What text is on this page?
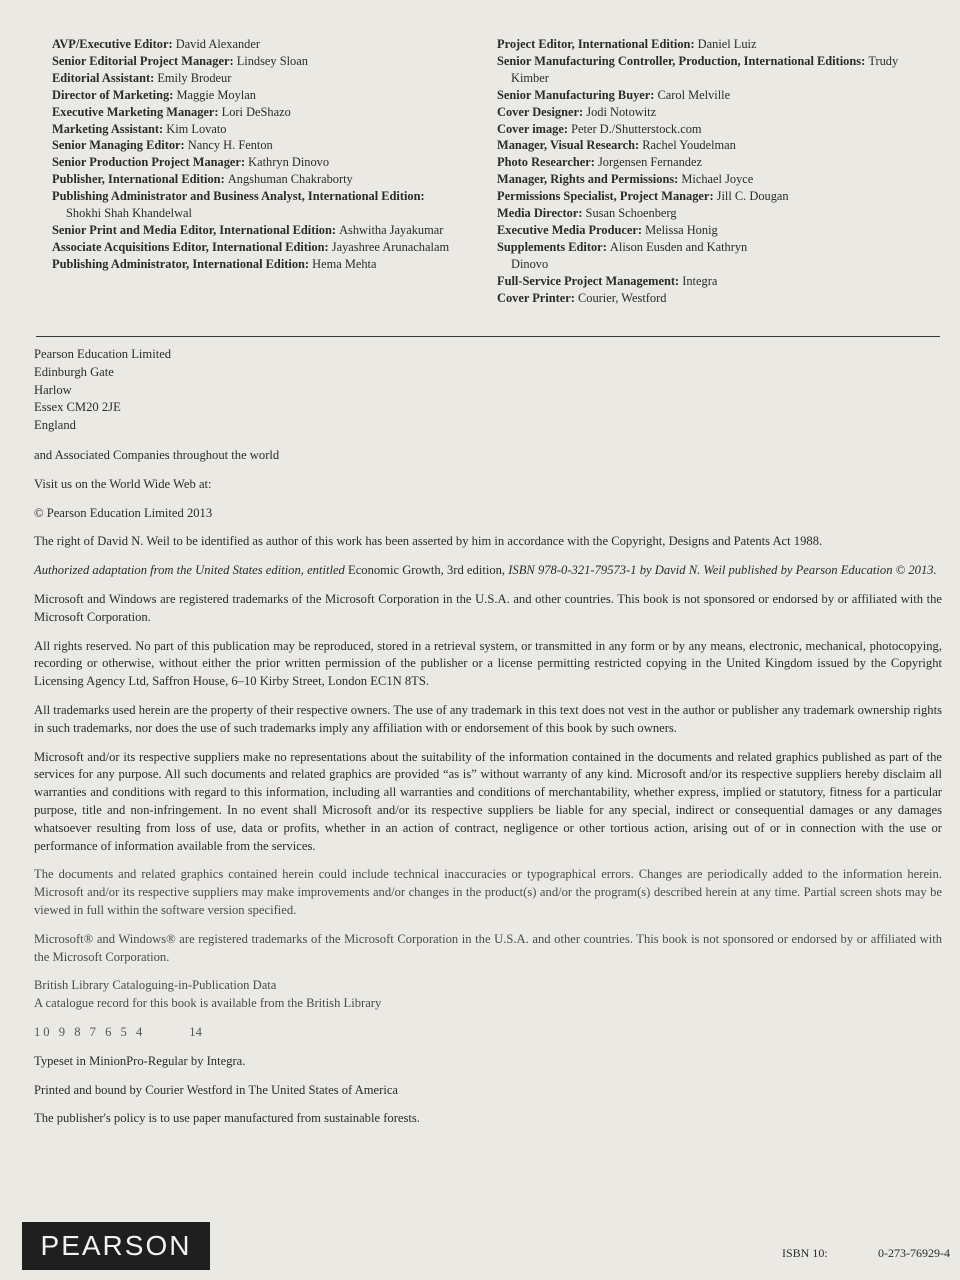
AVP/Executive Editor: David Alexander
Senior Editorial Project Manager: Lindsey Sloan
Editorial Assistant: Emily Brodeur
Director of Marketing: Maggie Moylan
Executive Marketing Manager: Lori DeShazo
Marketing Assistant: Kim Lovato
Senior Managing Editor: Nancy H. Fenton
Senior Production Project Manager: Kathryn Dinovo
Publisher, International Edition: Angshuman Chakraborty
Publishing Administrator and Business Analyst, International Edition: Shokhi Shah Khandelwal
Senior Print and Media Editor, International Edition: Ashwitha Jayakumar
Associate Acquisitions Editor, International Edition: Jayashree Arunachalam
Publishing Administrator, International Edition: Hema Mehta
Project Editor, International Edition: Daniel Luiz
Senior Manufacturing Controller, Production, International Editions: Trudy Kimber
Senior Manufacturing Buyer: Carol Melville
Cover Designer: Jodi Notowitz
Cover image: Peter D./Shutterstock.com
Manager, Visual Research: Rachel Youdelman
Photo Researcher: Jorgensen Fernandez
Manager, Rights and Permissions: Michael Joyce
Permissions Specialist, Project Manager: Jill C. Dougan
Media Director: Susan Schoenberg
Executive Media Producer: Melissa Honig
Supplements Editor: Alison Eusden and Kathryn Dinovo
Full-Service Project Management: Integra
Cover Printer: Courier, Westford
Pearson Education Limited
Edinburgh Gate
Harlow
Essex CM20 2JE
England

and Associated Companies throughout the world

Visit us on the World Wide Web at:

© Pearson Education Limited 2013

The right of David N. Weil to be identified as author of this work has been asserted by him in accordance with the Copyright, Designs and Patents Act 1988.

Authorized adaptation from the United States edition, entitled Economic Growth, 3rd edition, ISBN 978-0-321-79573-1 by David N. Weil published by Pearson Education © 2013.

Microsoft and Windows are registered trademarks of the Microsoft Corporation in the U.S.A. and other countries. This book is not sponsored or endorsed by or affiliated with the Microsoft Corporation.

All rights reserved. No part of this publication may be reproduced, stored in a retrieval system, or transmitted in any form or by any means, electronic, mechanical, photocopying, recording or otherwise, without either the prior written permission of the publisher or a license permitting restricted copying in the United Kingdom issued by the Copyright Licensing Agency Ltd, Saffron House, 6–10 Kirby Street, London EC1N 8TS.

All trademarks used herein are the property of their respective owners. The use of any trademark in this text does not vest in the author or publisher any trademark ownership rights in such trademarks, nor does the use of such trademarks imply any affiliation with or endorsement of this book by such owners.

Microsoft and/or its respective suppliers make no representations about the suitability of the information contained in the documents and related graphics published as part of the services for any purpose. All such documents and related graphics are provided “as is” without warranty of any kind. Microsoft and/or its respective suppliers hereby disclaim all warranties and conditions with regard to this information, including all warranties and conditions of merchantability, whether express, implied or statutory, fitness for a particular purpose, title and non-infringement. In no event shall Microsoft and/or its respective suppliers be liable for any special, indirect or consequential damages or any damages whatsoever resulting from loss of use, data or profits, whether in an action of contract, negligence or other tortious action, arising out of or in connection with the use or performance of information available from the services.

The documents and related graphics contained herein could include technical inaccuracies or typographical errors. Changes are periodically added to the information herein. Microsoft and/or its respective suppliers may make improvements and/or changes in the product(s) and/or the program(s) described herein at any time. Partial screen shots may be viewed in full within the software version specified.

Microsoft® and Windows® are registered trademarks of the Microsoft Corporation in the U.S.A. and other countries. This book is not sponsored or endorsed by or affiliated with the Microsoft Corporation.

British Library Cataloguing-in-Publication Data

A catalogue record for this book is available from the British Library

10 9 8 7 6 5 4	14

Typeset in MinionPro-Regular by Integra.

Printed and bound by Courier Westford in The United States of America

The publisher's policy is to use paper manufactured from sustainable forests.

PEARSON	ISBN 10:	0-273-76929-4
